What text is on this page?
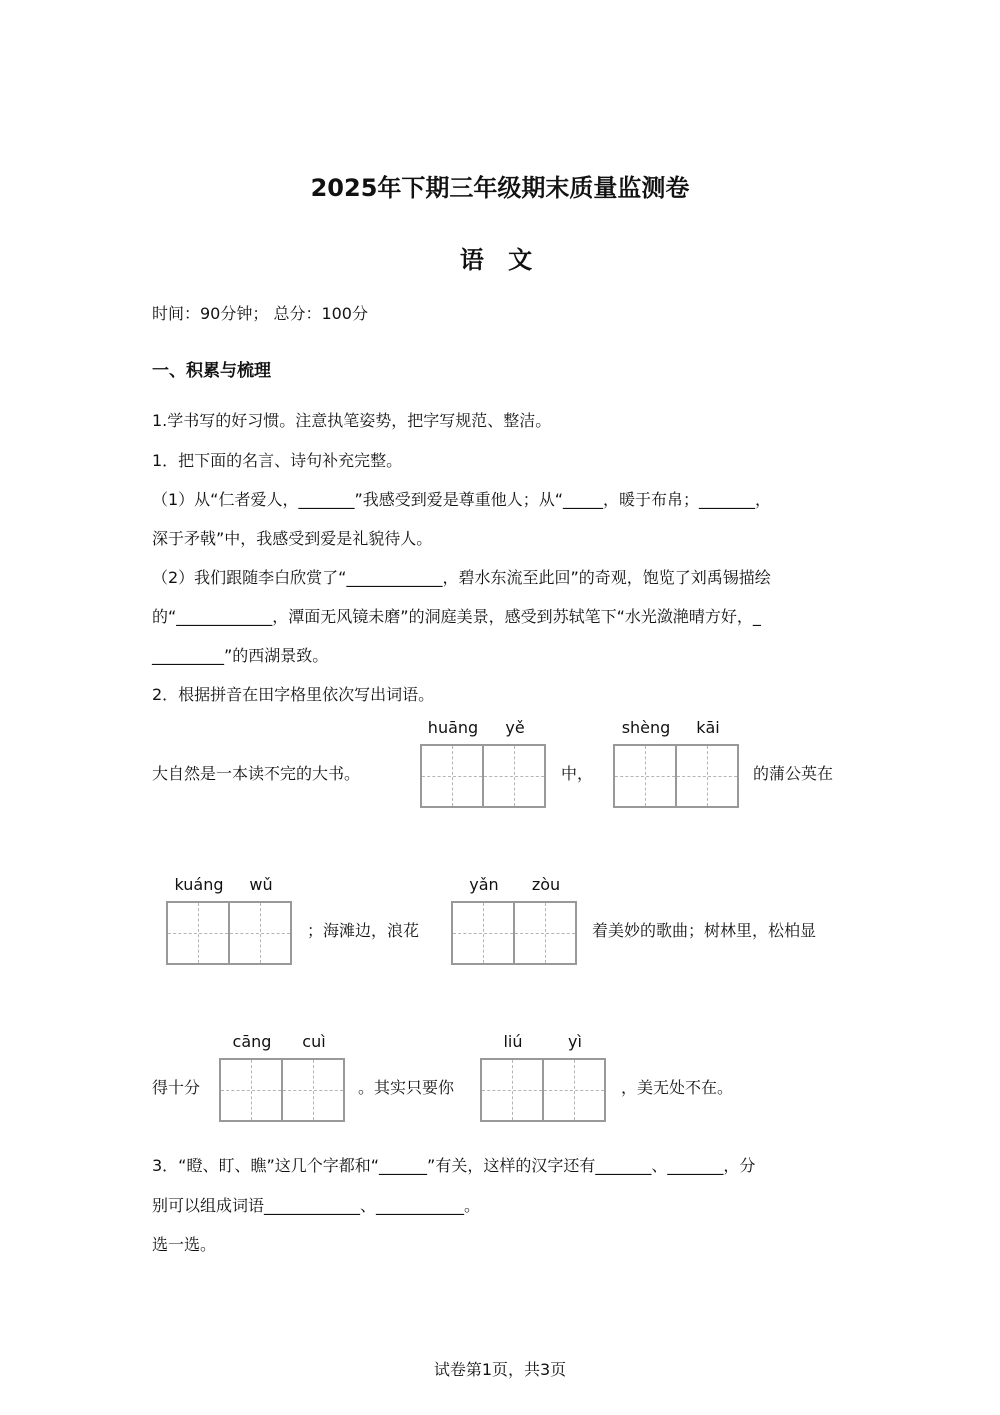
2025年下期三年级期末质量监测卷
语 文
时间：90分钟； 总分：100分
一、积累与梳理
1.学书写的好习惯。注意执笔姿势，把字写规范、整洁。
1．把下面的名言、诗句补充完整。
（1）从“仁者爱人，_______”我感受到爱是尊重他人；从“_____，暖于布帛；_______，
深于矛戟”中，我感受到爱是礼貌待人。
（2）我们跟随李白欣赏了“____________，碧水东流至此回”的奇观，饱览了刘禹锡描绘
的“____________，潭面无风镜未磨”的洞庭美景，感受到苏轼笔下“水光潋滟晴方好，_
_________”的西湖景致。
2．根据拼音在田字格里依次写出词语。
大自然是一本读不完的大书。
huāng	yě
中，
shèng	kāi
的蒲公英在
kuáng	wǔ
；海滩边，浪花
yǎn	zòu
着美妙的歌曲；树林里，松柏显
得十分
cāng	cuì
。其实只要你
liú	yì
，美无处不在。
3．“瞪、盯、瞧”这几个字都和“______”有关，这样的汉字还有_______、_______，分
别可以组成词语____________、___________。
选一选。
试卷第1页，共3页
